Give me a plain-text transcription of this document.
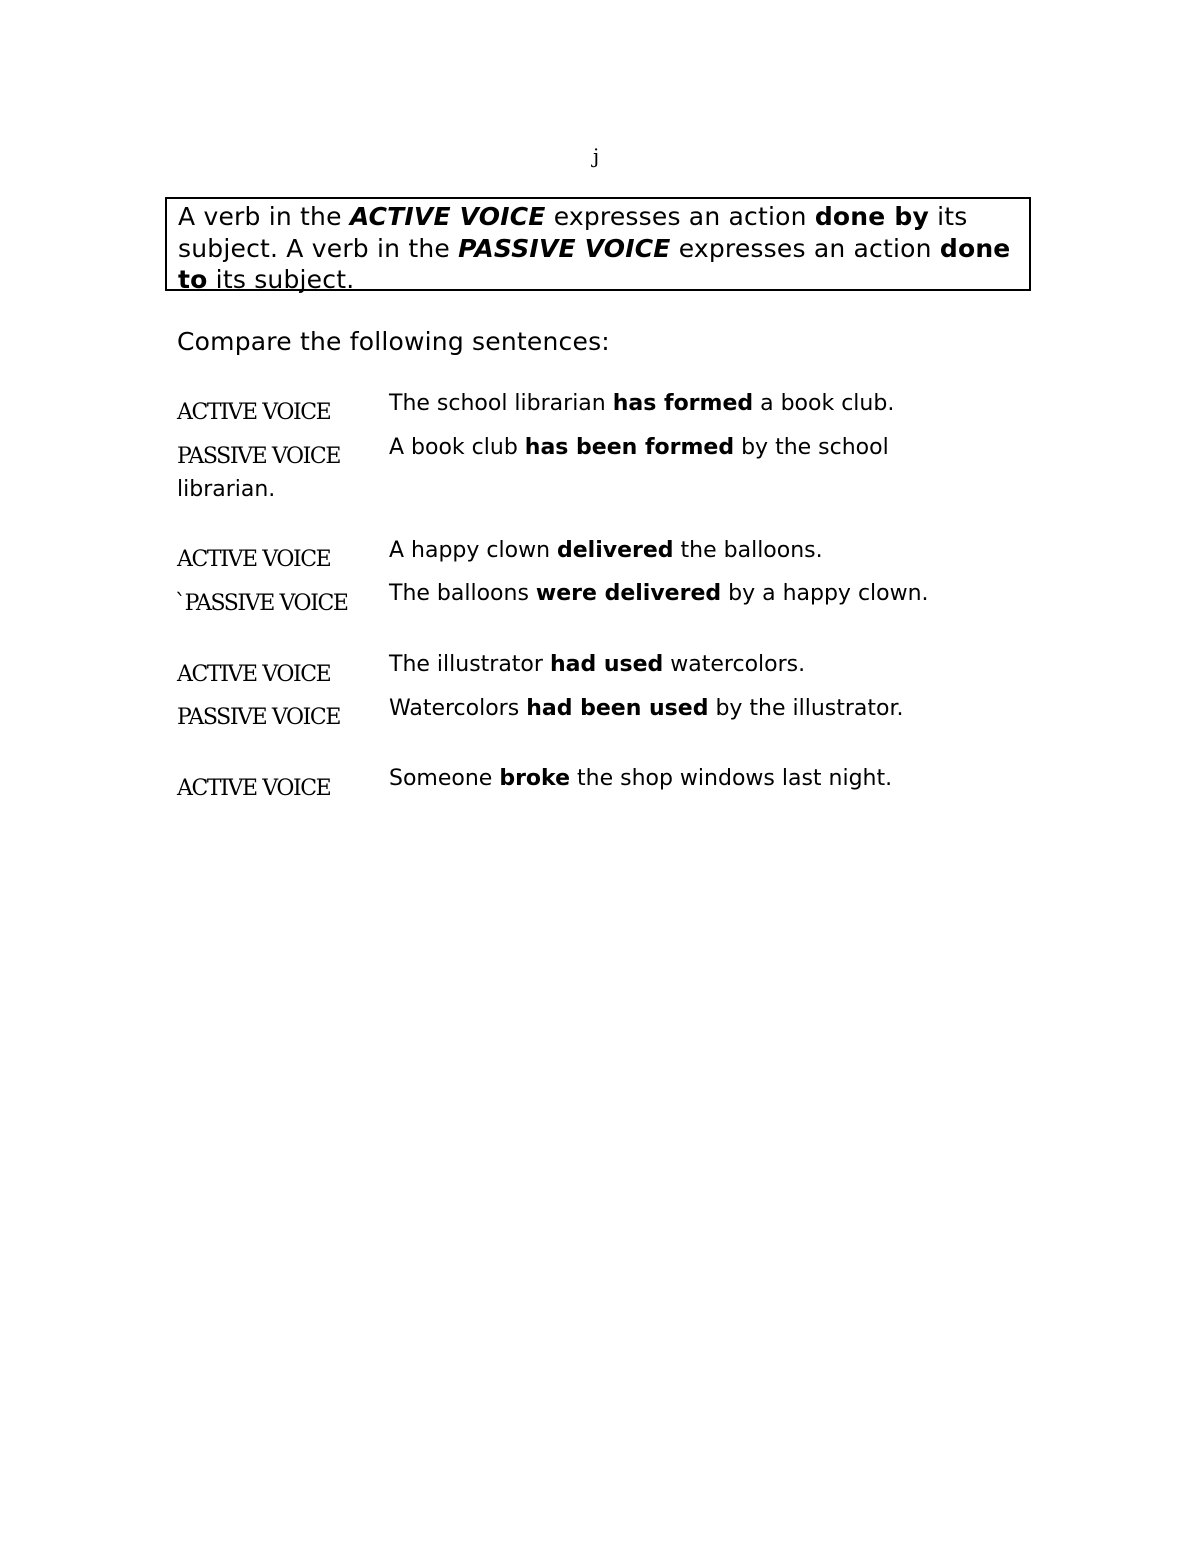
j
A verb in the ACTIVE VOICE expresses an action done by its subject. A verb in the PASSIVE VOICE expresses an action done to its subject.
Compare the following sentences:
ACTIVE VOICE	The school librarian has formed a book club.
PASSIVE VOICE A book club has been formed by the school
librarian.
ACTIVE VOICE	A happy clown delivered the balloons.
`PASSIVE VOICE The balloons were delivered by a happy clown.
ACTIVE VOICE	The illustrator had used watercolors.
PASSIVE VOICE Watercolors had been used by the illustrator.
ACTIVE VOICE	Someone broke the shop windows last night.
